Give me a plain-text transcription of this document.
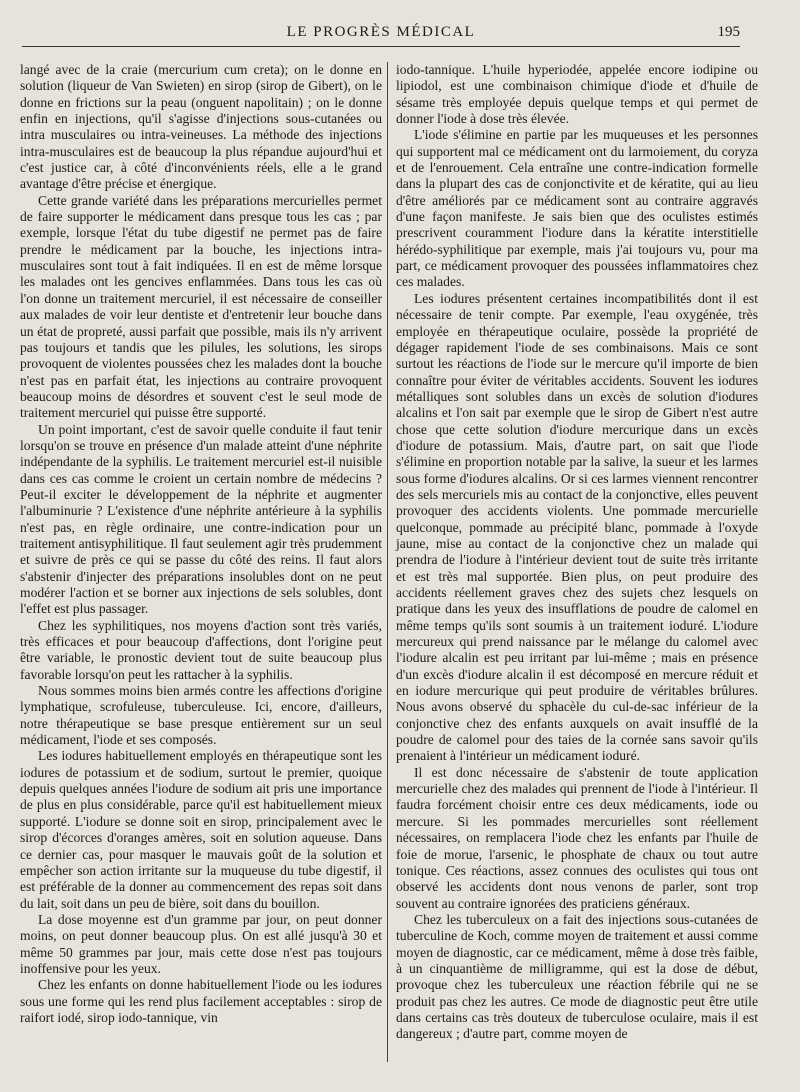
LE PROGRÈS MÉDICAL	195

langé avec de la craie (mercurium cum creta); on le donne en solution (liqueur de Van Swieten) en sirop (sirop de Gibert), on le donne en frictions sur la peau (onguent napolitain) ; on le donne enfin en injections, qu'il s'agisse d'injections sous-cutanées ou intra musculaires ou intra-veineuses. La méthode des injections intra-musculaires est de beaucoup la plus répandue aujourd'hui et c'est justice car, à côté d'inconvénients réels, elle a le grand avantage d'être précise et énergique.

Cette grande variété dans les préparations mercurielles permet de faire supporter le médicament dans presque tous les cas ; par exemple, lorsque l'état du tube digestif ne permet pas de faire prendre le médicament par la bouche, les injections intra-musculaires sont tout à fait indiquées. Il en est de même lorsque les malades ont les gencives enflammées. Dans tous les cas où l'on donne un traitement mercuriel, il est nécessaire de conseiller aux malades de voir leur dentiste et d'entretenir leur bouche dans un état de propreté, aussi parfait que possible, mais ils n'y arrivent pas toujours et tandis que les pilules, les solutions, les sirops provoquent de violentes poussées chez les malades dont la bouche n'est pas en parfait état, les injections au contraire provoquent beaucoup moins de désordres et souvent c'est le seul mode de traitement mercuriel qui puisse être supporté.

Un point important, c'est de savoir quelle conduite il faut tenir lorsqu'on se trouve en présence d'un malade atteint d'une néphrite indépendante de la syphilis. Le traitement mercuriel est-il nuisible dans ces cas comme le croient un certain nombre de médecins ? Peut-il exciter le développement de la néphrite et augmenter l'albuminurie ? L'existence d'une néphrite antérieure à la syphilis n'est pas, en règle ordinaire, une contre-indication pour un traitement antisyphilitique. Il faut seulement agir très prudemment et suivre de près ce qui se passe du côté des reins. Il faut alors s'abstenir d'injecter des préparations insolubles dont on ne peut modérer l'action et se borner aux injections de sels solubles, dont l'effet est plus passager.

Chez les syphilitiques, nos moyens d'action sont très variés, très efficaces et pour beaucoup d'affections, dont l'origine peut être variable, le pronostic devient tout de suite beaucoup plus favorable lorsqu'on peut les rattacher à la syphilis.

Nous sommes moins bien armés contre les affections d'origine lymphatique, scrofuleuse, tuberculeuse. Ici, encore, d'ailleurs, notre thérapeutique se base presque entièrement sur un seul médicament, l'iode et ses composés.

Les iodures habituellement employés en thérapeutique sont les iodures de potassium et de sodium, surtout le premier, quoique depuis quelques années l'iodure de sodium ait pris une importance de plus en plus considérable, parce qu'il est habituellement mieux supporté. L'iodure se donne soit en sirop, principalement avec le sirop d'écorces d'oranges amères, soit en solution aqueuse. Dans ce dernier cas, pour masquer le mauvais goût de la solution et empêcher son action irritante sur la muqueuse du tube digestif, il est préférable de la donner au commencement des repas soit dans du lait, soit dans un peu de bière, soit dans du bouillon.

La dose moyenne est d'un gramme par jour, on peut donner moins, on peut donner beaucoup plus. On est allé jusqu'à 30 et même 50 grammes par jour, mais cette dose n'est pas toujours inoffensive pour les yeux.

Chez les enfants on donne habituellement l'iode ou les iodures sous une forme qui les rend plus facilement acceptables : sirop de raifort iodé, sirop iodo-tannique, vin

iodo-tannique. L'huile hyperiodée, appelée encore iodipine ou lipiodol, est une combinaison chimique d'iode et d'huile de sésame très employée depuis quelque temps et qui permet de donner l'iode à dose très élevée.

L'iode s'élimine en partie par les muqueuses et les personnes qui supportent mal ce médicament ont du larmoiement, du coryza et de l'enrouement. Cela entraîne une contre-indication formelle dans la plupart des cas de conjonctivite et de kératite, qui au lieu d'être améliorés par ce médicament sont au contraire aggravés d'une façon manifeste. Je sais bien que des oculistes estimés prescrivent couramment l'iodure dans la kératite interstitielle hérédo-syphilitique par exemple, mais j'ai toujours vu, pour ma part, ce médicament provoquer des poussées inflammatoires chez ces malades.

Les iodures présentent certaines incompatibilités dont il est nécessaire de tenir compte. Par exemple, l'eau oxygénée, très employée en thérapeutique oculaire, possède la propriété de dégager rapidement l'iode de ses combinaisons. Mais ce sont surtout les réactions de l'iode sur le mercure qu'il importe de bien connaître pour éviter de véritables accidents. Souvent les iodures métalliques sont solubles dans un excès de solution d'iodures alcalins et l'on sait par exemple que le sirop de Gibert n'est autre chose que cette solution d'iodure mercurique dans un excès d'iodure de potassium. Mais, d'autre part, on sait que l'iode s'élimine en proportion notable par la salive, la sueur et les larmes sous forme d'iodures alcalins. Or si ces larmes viennent rencontrer des sels mercuriels mis au contact de la conjonctive, elles peuvent provoquer des accidents violents. Une pommade mercurielle quelconque, pommade au précipité blanc, pommade à l'oxyde jaune, mise au contact de la conjonctive chez un malade qui prendra de l'iodure à l'intérieur devient tout de suite très irritante et est très mal supportée. Bien plus, on peut produire des accidents réellement graves chez des sujets chez lesquels on pratique dans les yeux des insufflations de poudre de calomel en même temps qu'ils sont soumis à un traitement ioduré. L'iodure mercureux qui prend naissance par le mélange du calomel avec l'iodure alcalin est peu irritant par lui-même ; mais en présence d'un excès d'iodure alcalin il est décomposé en mercure réduit et en iodure mercurique qui peut produire de véritables brûlures. Nous avons observé du sphacèle du cul-de-sac inférieur de la conjonctive chez des enfants auxquels on avait insufflé de la poudre de calomel pour des taies de la cornée sans savoir qu'ils prenaient à l'intérieur un médicament ioduré.

Il est donc nécessaire de s'abstenir de toute application mercurielle chez des malades qui prennent de l'iode à l'intérieur. Il faudra forcément choisir entre ces deux médicaments, iode ou mercure. Si les pommades mercurielles sont réellement nécessaires, on remplacera l'iode chez les enfants par l'huile de foie de morue, l'arsenic, le phosphate de chaux ou tout autre tonique. Ces réactions, assez connues des oculistes qui tous ont observé les accidents dont nous venons de parler, sont trop souvent au contraire ignorées des praticiens généraux.

Chez les tuberculeux on a fait des injections sous-cutanées de tuberculine de Koch, comme moyen de traitement et aussi comme moyen de diagnostic, car ce médicament, même à dose très faible, à un cinquantième de milligramme, qui est la dose de début, provoque chez les tuberculeux une réaction fébrile qui ne se produit pas chez les autres. Ce mode de diagnostic peut être utile dans certains cas très douteux de tuberculose oculaire, mais il est dangereux ; d'autre part, comme moyen de
